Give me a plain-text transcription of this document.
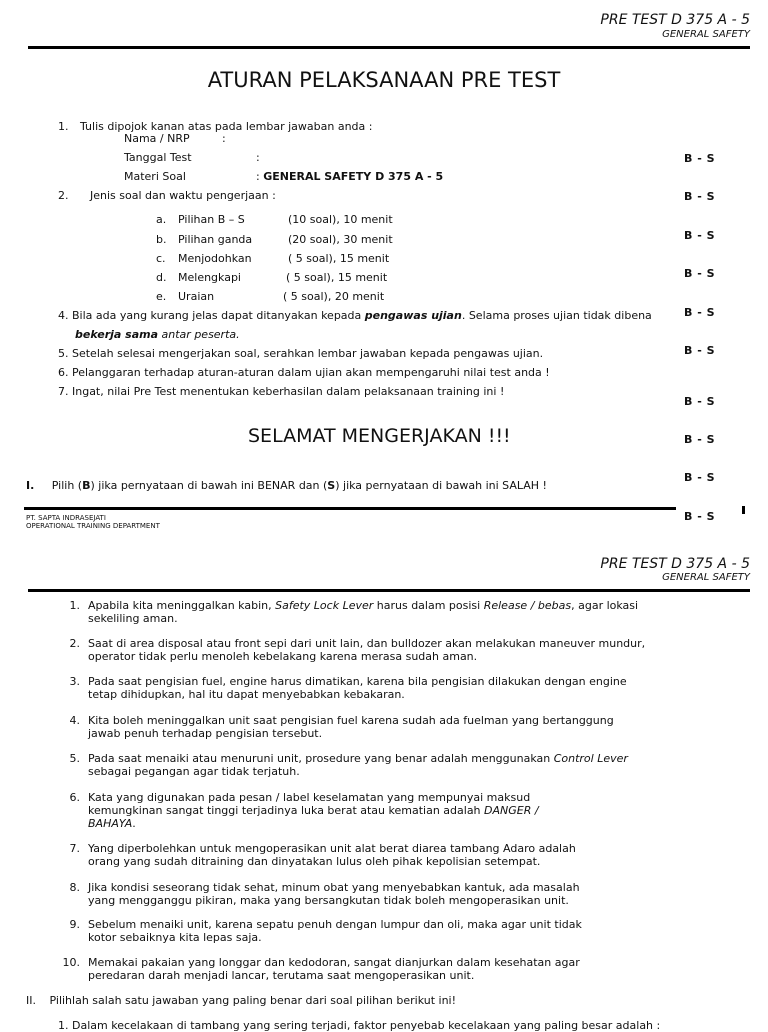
PRE TEST D 375 A - 5
GENERAL SAFETY
ATURAN PELAKSANAAN PRE TEST
1. Tulis dipojok kanan atas pada lembar jawaban anda :
Nama / NRP	:
Tanggal Test	:
Materi Soal	: GENERAL SAFETY D 375 A - 5
2. Jenis soal dan waktu pengerjaan :
a. Pilihan B – S	(10 soal), 10 menit
b. Pilihan ganda	(20 soal), 30 menit
c. Menjodohkan	( 5 soal), 15 menit
d. Melengkapi	( 5 soal), 15 menit
e. Uraian	( 5 soal), 20 menit
4. Bila ada yang kurang jelas dapat ditanyakan kepada pengawas ujian. Selama proses ujian tidak dibena
bekerja sama antar peserta.
5. Setelah selesai mengerjakan soal, serahkan lembar jawaban kepada pengawas ujian.
6. Pelanggaran terhadap aturan-aturan dalam ujian akan mempengaruhi nilai test anda !
7. Ingat, nilai Pre Test menentukan keberhasilan dalam pelaksanaan training ini !
SELAMAT MENGERJAKAN !!!
I. Pilih (B) jika pernyataan di bawah ini BENAR dan (S) jika pernyataan di bawah ini SALAH !
B - S
B - S
B - S
B - S
B - S
B - S
B - S
B - S
B - S
B - S
PT. SAPTA INDRASEJATI
OPERATIONAL TRAINING DEPARTMENT
PRE TEST D 375 A - 5
GENERAL SAFETY
1. Apabila kita meninggalkan kabin, Safety Lock Lever harus dalam posisi Release / bebas, agar lokasi sekeliling aman.
2. Saat di area disposal atau front sepi dari unit lain, dan bulldozer akan melakukan maneuver mundur, operator tidak perlu menoleh kebelakang karena merasa sudah aman.
3. Pada saat pengisian fuel, engine harus dimatikan, karena bila pengisian dilakukan dengan engine tetap dihidupkan, hal itu dapat menyebabkan kebakaran.
4. Kita boleh meninggalkan unit saat pengisian fuel karena sudah ada fuelman yang bertanggung jawab penuh terhadap pengisian tersebut.
5. Pada saat menaiki atau menuruni unit, prosedure yang benar adalah menggunakan Control Lever sebagai pegangan agar tidak terjatuh.
6. Kata yang digunakan pada pesan / label keselamatan yang mempunyai maksud kemungkinan sangat tinggi terjadinya luka berat atau kematian adalah DANGER / BAHAYA.
7. Yang diperbolehkan untuk mengoperasikan unit alat berat diarea tambang Adaro adalah orang yang sudah ditraining dan dinyatakan lulus oleh pihak kepolisian setempat.
8. Jika kondisi seseorang tidak sehat, minum obat yang menyebabkan kantuk, ada masalah yang mengganggu pikiran, maka yang bersangkutan tidak boleh mengoperasikan unit.
9. Sebelum menaiki unit, karena sepatu penuh dengan lumpur dan oli, maka agar unit tidak kotor sebaiknya kita lepas saja.
10. Memakai pakaian yang longgar dan kedodoran, sangat dianjurkan dalam kesehatan agar peredaran darah menjadi lancar, terutama saat mengoperasikan unit.
II. Pilihlah salah satu jawaban yang paling benar dari soal pilihan berikut ini!
1. Dalam kecelakaan di tambang yang sering terjadi, faktor penyebab kecelakaan yang paling besar adalah :
